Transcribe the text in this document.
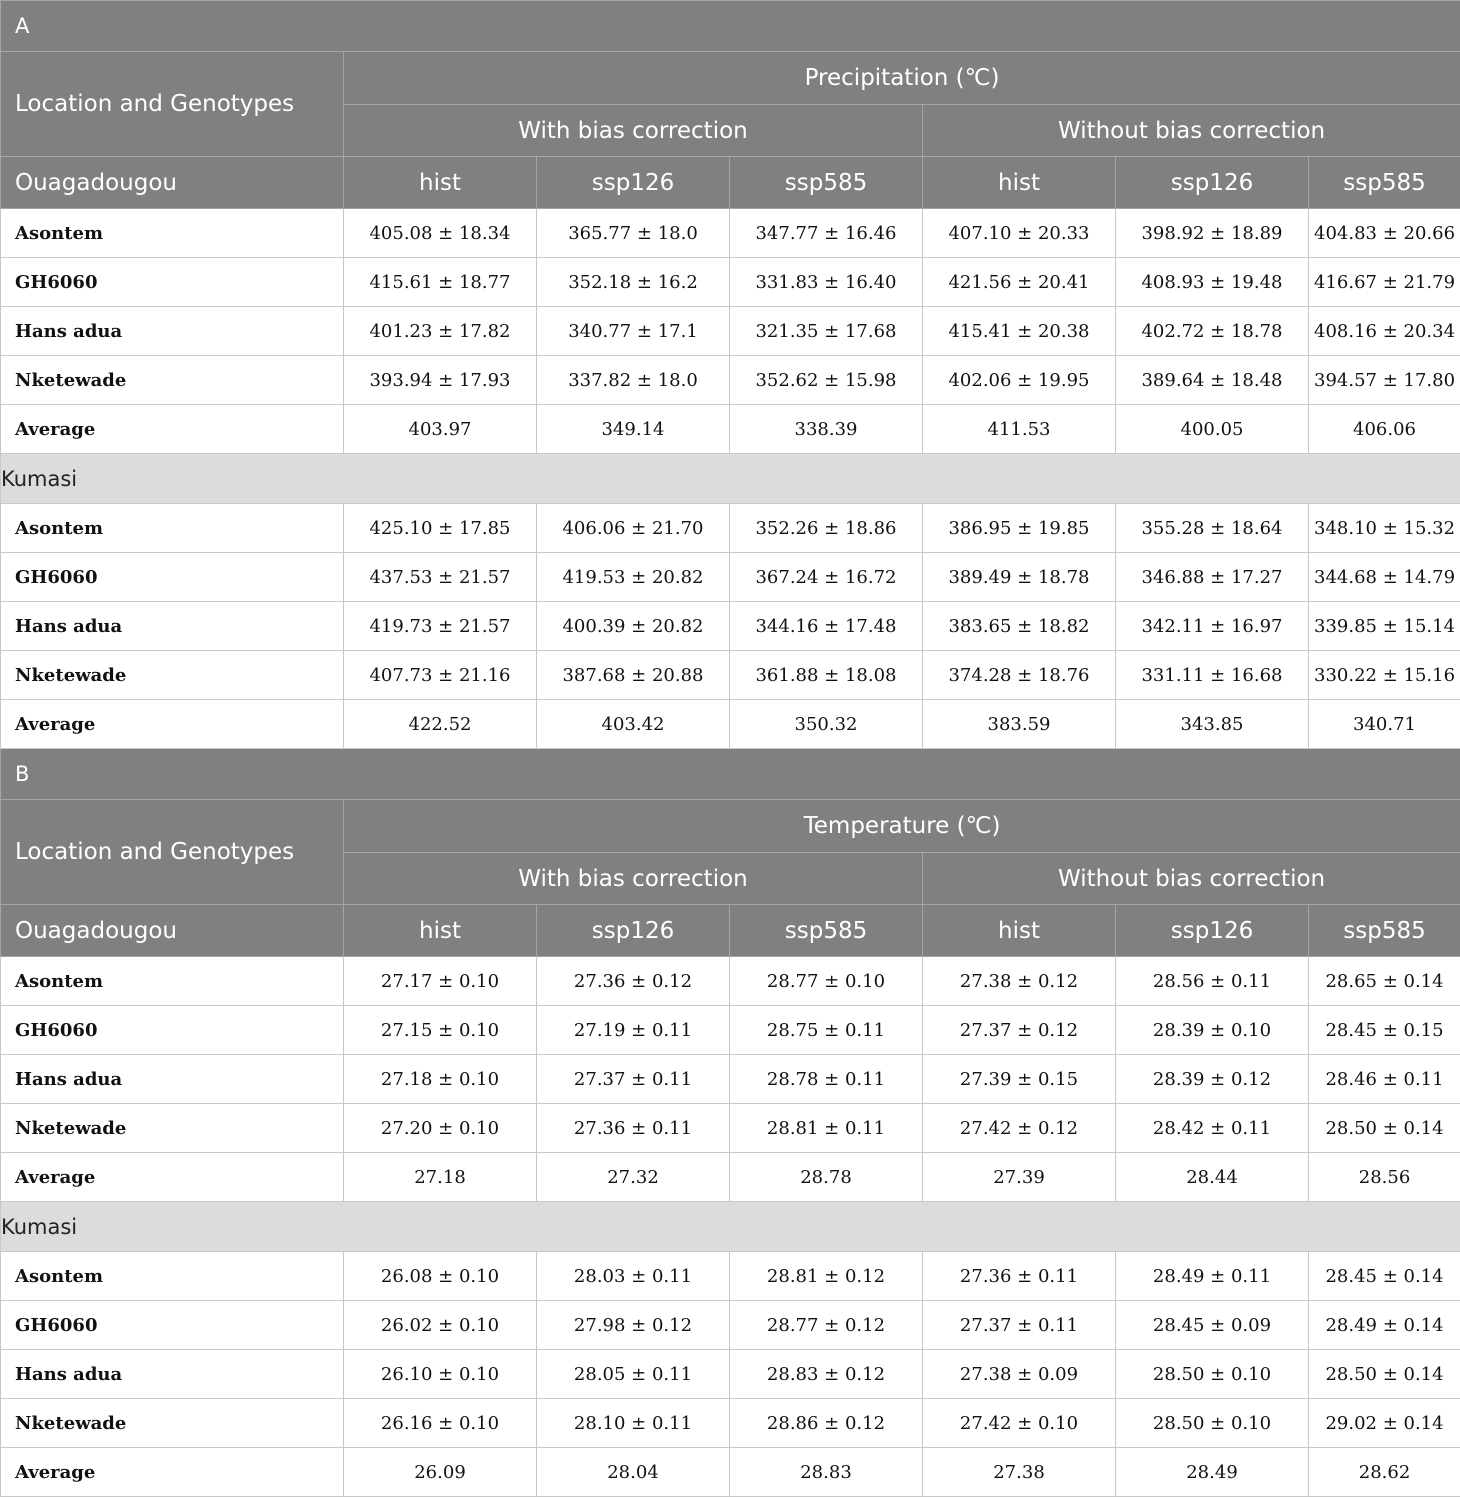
A						
Location and Genotypes	Precipitation (℃)					
	With bias correction			Without bias correction		
Ouagadougou	hist	ssp126	ssp585	hist	ssp126	ssp585
Asontem	405.08 ± 18.34	365.77 ± 18.0	347.77 ± 16.46	407.10 ± 20.33	398.92 ± 18.89	404.83 ± 20.66
GH6060	415.61 ± 18.77	352.18 ± 16.2	331.83 ± 16.40	421.56 ± 20.41	408.93 ± 19.48	416.67 ± 21.79
Hans adua	401.23 ± 17.82	340.77 ± 17.1	321.35 ± 17.68	415.41 ± 20.38	402.72 ± 18.78	408.16 ± 20.34
Nketewade	393.94 ± 17.93	337.82 ± 18.0	352.62 ± 15.98	402.06 ± 19.95	389.64 ± 18.48	394.57 ± 17.80
Average	403.97	349.14	338.39	411.53	400.05	406.06
Kumasi						
Asontem	425.10 ± 17.85	406.06 ± 21.70	352.26 ± 18.86	386.95 ± 19.85	355.28 ± 18.64	348.10 ± 15.32
GH6060	437.53 ± 21.57	419.53 ± 20.82	367.24 ± 16.72	389.49 ± 18.78	346.88 ± 17.27	344.68 ± 14.79
Hans adua	419.73 ± 21.57	400.39 ± 20.82	344.16 ± 17.48	383.65 ± 18.82	342.11 ± 16.97	339.85 ± 15.14
Nketewade	407.73 ± 21.16	387.68 ± 20.88	361.88 ± 18.08	374.28 ± 18.76	331.11 ± 16.68	330.22 ± 15.16
Average	422.52	403.42	350.32	383.59	343.85	340.71
B						
Location and Genotypes	Temperature (℃)					
	With bias correction			Without bias correction		
Ouagadougou	hist	ssp126	ssp585	hist	ssp126	ssp585
Asontem	27.17 ± 0.10	27.36 ± 0.12	28.77 ± 0.10	27.38 ± 0.12	28.56 ± 0.11	28.65 ± 0.14
GH6060	27.15 ± 0.10	27.19 ± 0.11	28.75 ± 0.11	27.37 ± 0.12	28.39 ± 0.10	28.45 ± 0.15
Hans adua	27.18 ± 0.10	27.37 ± 0.11	28.78 ± 0.11	27.39 ± 0.15	28.39 ± 0.12	28.46 ± 0.11
Nketewade	27.20 ± 0.10	27.36 ± 0.11	28.81 ± 0.11	27.42 ± 0.12	28.42 ± 0.11	28.50 ± 0.14
Average	27.18	27.32	28.78	27.39	28.44	28.56
Kumasi						
Asontem	26.08 ± 0.10	28.03 ± 0.11	28.81 ± 0.12	27.36 ± 0.11	28.49 ± 0.11	28.45 ± 0.14
GH6060	26.02 ± 0.10	27.98 ± 0.12	28.77 ± 0.12	27.37 ± 0.11	28.45 ± 0.09	28.49 ± 0.14
Hans adua	26.10 ± 0.10	28.05 ± 0.11	28.83 ± 0.12	27.38 ± 0.09	28.50 ± 0.10	28.50 ± 0.14
Nketewade	26.16 ± 0.10	28.10 ± 0.11	28.86 ± 0.12	27.42 ± 0.10	28.50 ± 0.10	29.02 ± 0.14
Average	26.09	28.04	28.83	27.38	28.49	28.62
